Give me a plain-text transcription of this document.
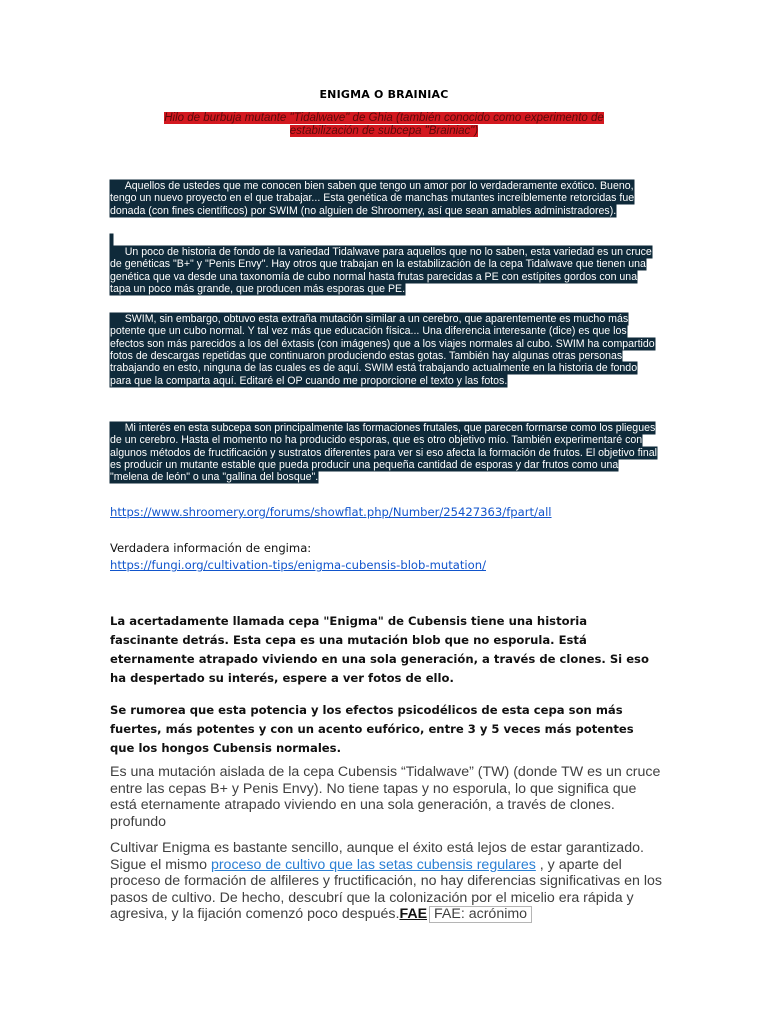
ENIGMA O BRAINIAC
Hilo de burbuja mutante "Tidalwave" de Ghia (también conocido como experimento de estabilización de subcepa "Brainiac")
Aquellos de ustedes que me conocen bien saben que tengo un amor por lo verdaderamente exótico. Bueno, tengo un nuevo proyecto en el que trabajar... Esta genética de manchas mutantes increíblemente retorcidas fue donada (con fines científicos) por SWIM (no alguien de Shroomery, así que sean amables administradores).

Un poco de historia de fondo de la variedad Tidalwave para aquellos que no lo saben, esta variedad es un cruce de genéticas "B+" y "Penis Envy". Hay otros que trabajan en la estabilización de la cepa Tidalwave que tienen una genética que va desde una taxonomía de cubo normal hasta frutas parecidas a PE con estípites gordos con una tapa un poco más grande, que producen más esporas que PE.
SWIM, sin embargo, obtuvo esta extraña mutación similar a un cerebro, que aparentemente es mucho más potente que un cubo normal. Y tal vez más que educación física... Una diferencia interesante (dice) es que los efectos son más parecidos a los del éxtasis (con imágenes) que a los viajes normales al cubo. SWIM ha compartido fotos de descargas repetidas que continuaron produciendo estas gotas. También hay algunas otras personas trabajando en esto, ninguna de las cuales es de aquí. SWIM está trabajando actualmente en la historia de fondo para que la comparta aquí. Editaré el OP cuando me proporcione el texto y las fotos.
Mi interés en esta subcepa son principalmente las formaciones frutales, que parecen formarse como los pliegues de un cerebro. Hasta el momento no ha producido esporas, que es otro objetivo mío. También experimentaré con algunos métodos de fructificación y sustratos diferentes para ver si eso afecta la formación de frutos. El objetivo final es producir un mutante estable que pueda producir una pequeña cantidad de esporas y dar frutos como una "melena de león" o una "gallina del bosque".
https://www.shroomery.org/forums/showflat.php/Number/25427363/fpart/all
Verdadera información de engima:
https://fungi.org/cultivation-tips/enigma-cubensis-blob-mutation/
La acertadamente llamada cepa "Enigma" de Cubensis tiene una historia fascinante detrás. Esta cepa es una mutación blob que no esporula. Está eternamente atrapado viviendo en una sola generación, a través de clones. Si eso ha despertado su interés, espere a ver fotos de ello.
Se rumorea que esta potencia y los efectos psicodélicos de esta cepa son más fuertes, más potentes y con un acento eufórico, entre 3 y 5 veces más potentes que los hongos Cubensis normales.
Es una mutación aislada de la cepa Cubensis “Tidalwave” (TW) (donde TW es un cruce entre las cepas B+ y Penis Envy). No tiene tapas y no esporula, lo que significa que está eternamente atrapado viviendo en una sola generación, a través de clones. profundo
Cultivar Enigma es bastante sencillo, aunque el éxito está lejos de estar garantizado. Sigue el mismo proceso de cultivo que las setas cubensis regulares , y aparte del proceso de formación de alfileres y fructificación, no hay diferencias significativas en los pasos de cultivo. De hecho, descubrí que la colonización por el micelio era rápida y agresiva, y la fijación comenzó poco después.FAE FAE: acrónimo
